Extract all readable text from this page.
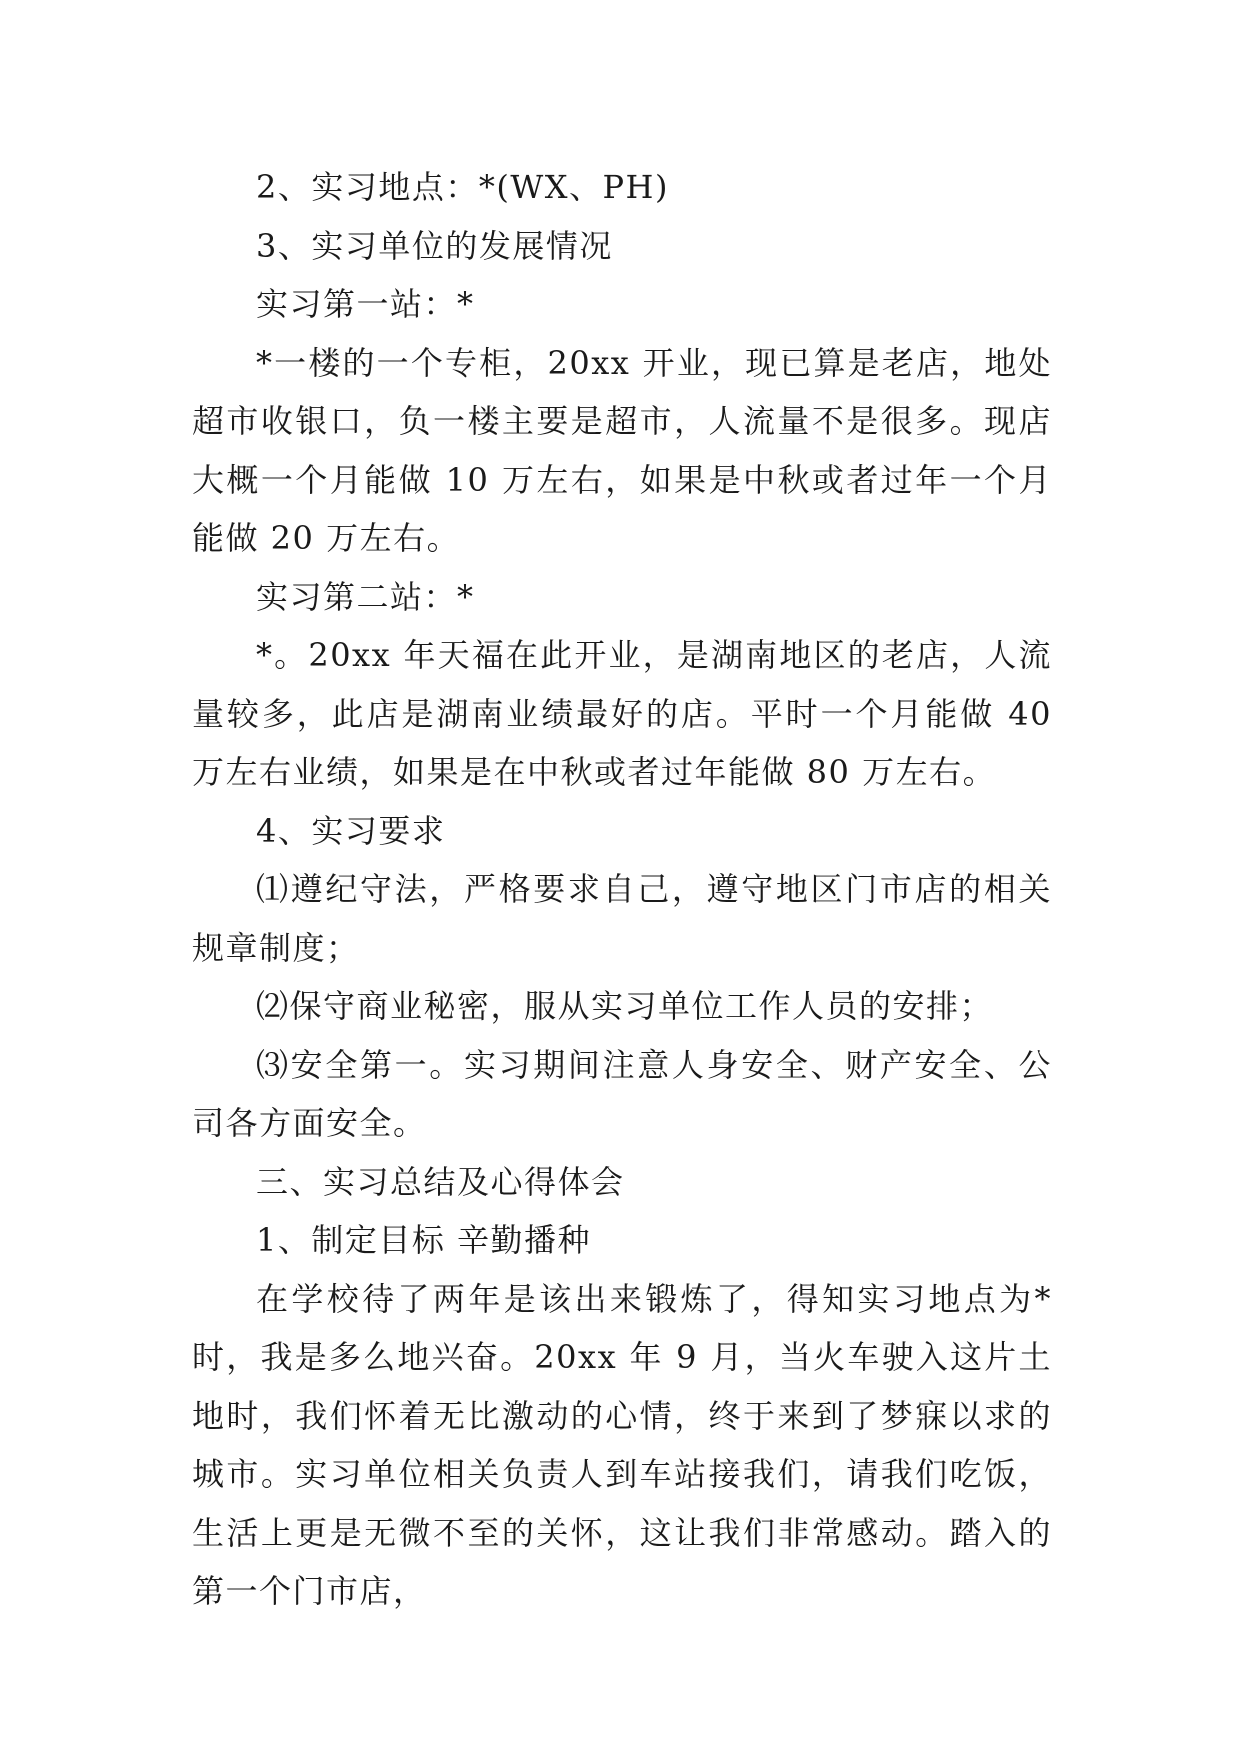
2、实习地点：*(WX、PH)

3、实习单位的发展情况

实习第一站：*

*一楼的一个专柜，20xx 开业，现已算是老店，地处超市收银口，负一楼主要是超市，人流量不是很多。现店大概一个月能做 10 万左右，如果是中秋或者过年一个月能做 20 万左右。

实习第二站：*

*。20xx 年天福在此开业，是湖南地区的老店，人流量较多，此店是湖南业绩最好的店。平时一个月能做 40 万左右业绩，如果是在中秋或者过年能做 80 万左右。

4、实习要求

⑴遵纪守法，严格要求自己，遵守地区门市店的相关规章制度；

⑵保守商业秘密，服从实习单位工作人员的安排；

⑶安全第一。实习期间注意人身安全、财产安全、公司各方面安全。

三、实习总结及心得体会

1、制定目标 辛勤播种

在学校待了两年是该出来锻炼了，得知实习地点为*时，我是多么地兴奋。20xx 年 9 月，当火车驶入这片土地时，我们怀着无比激动的心情，终于来到了梦寐以求的城市。实习单位相关负责人到车站接我们，请我们吃饭，生活上更是无微不至的关怀，这让我们非常感动。踏入的第一个门市店，
